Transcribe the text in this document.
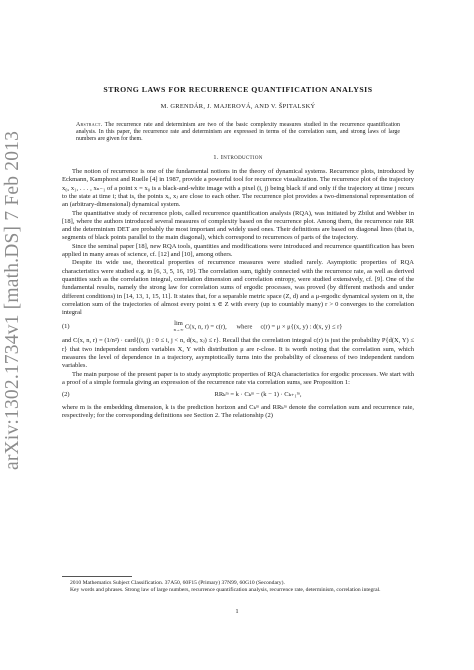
arXiv:1302.1734v1 [math.DS] 7 Feb 2013
STRONG LAWS FOR RECURRENCE QUANTIFICATION ANALYSIS
M. GRENDÁR, J. MAJEROVÁ, AND V. ŠPITALSKÝ
Abstract. The recurrence rate and determinism are two of the basic complexity measures studied in the recurrence quantification analysis. In this paper, the recurrence rate and determinism are expressed in terms of the correlation sum, and strong laws of large numbers are given for them.
1. Introduction

The notion of recurrence is one of the fundamental notions in the theory of dynamical systems. Recurrence plots, introduced by Eckmann, Kamphorst and Ruelle [4] in 1987, provide a powerful tool for recurrence visualization. The recurrence plot of the trajectory x₀, x₁, . . . , xₙ₋₁ of a point x = x₀ is a black-and-white image with a pixel (i, j) being black if and only if the trajectory at time j recurs to the state at time i; that is, the points xᵢ, xⱼ are close to each other. The recurrence plot provides a two-dimensional representation of an (arbitrary-dimensional) dynamical system.

The quantitative study of recurrence plots, called recurrence quantification analysis (RQA), was initiated by Zbilut and Webber in [18], where the authors introduced several measures of complexity based on the recurrence plot. Among them, the recurrence rate RR and the determinism DET are probably the most important and widely used ones. Their definitions are based on diagonal lines (that is, segments of black points parallel to the main diagonal), which correspond to recurrences of parts of the trajectory.

Since the seminal paper [18], new RQA tools, quantities and modifications were introduced and recurrence quantification has been applied in many areas of science, cf. [12] and [10], among others.

Despite its wide use, theoretical properties of recurrence measures were studied rarely. Asymptotic properties of RQA characteristics were studied e.g. in [6, 3, 5, 16, 19]. The correlation sum, tightly connected with the recurrence rate, as well as derived quantities such as the correlation integral, correlation dimension and correlation entropy, were studied extensively, cf. [9]. One of the fundamental results, namely the strong law for correlation sums of ergodic processes, was proved (by different methods and under different conditions) in [14, 13, 1, 15, 11]. It states that, for a separable metric space (Z, d) and a μ-ergodic dynamical system on it, the correlation sum of the trajectories of almost every point x ∈ Z with every (up to countably many) r > 0 converges to the correlation integral

(1)	lim
n→∞ C(x, n, r) = c(r), where c(r) = μ × μ{(x, y) : d(x, y) ≤ r}

and C(x, n, r) = (1/n²) · card{(i, j) : 0 ≤ i, j < n, d(xᵢ, xⱼ) ≤ r}. Recall that the correlation integral c(r) is just the probability P{d(X, Y) ≤ r} that two independent random variables X, Y with distribution μ are r-close. It is worth noting that the correlation sum, which measures the level of dependence in a trajectory, asymptotically turns into the probability of closeness of two independent random variables.

The main purpose of the present paper is to study asymptotic properties of RQA characteristics for ergodic processes. We start with a proof of a simple formula giving an expression of the recurrence rate via correlation sums, see Proposition 1:

(2)	RRₖᵐ = k · Cₖᵐ − (k − 1) · Cₖ₊₁ᵐ,

where m is the embedding dimension, k is the prediction horizon and Cₖᵐ and RRₖᵐ denote the correlation sum and recurrence rate, respectively; for the corresponding definitions see Section 2. The relationship (2)

2010 Mathematics Subject Classification. 37A50, 60F15 (Primary) 37N99, 60G10 (Secondary).

Key words and phrases. Strong law of large numbers, recurrence quantification analysis, recurrence rate, determinism, correlation integral.

1
